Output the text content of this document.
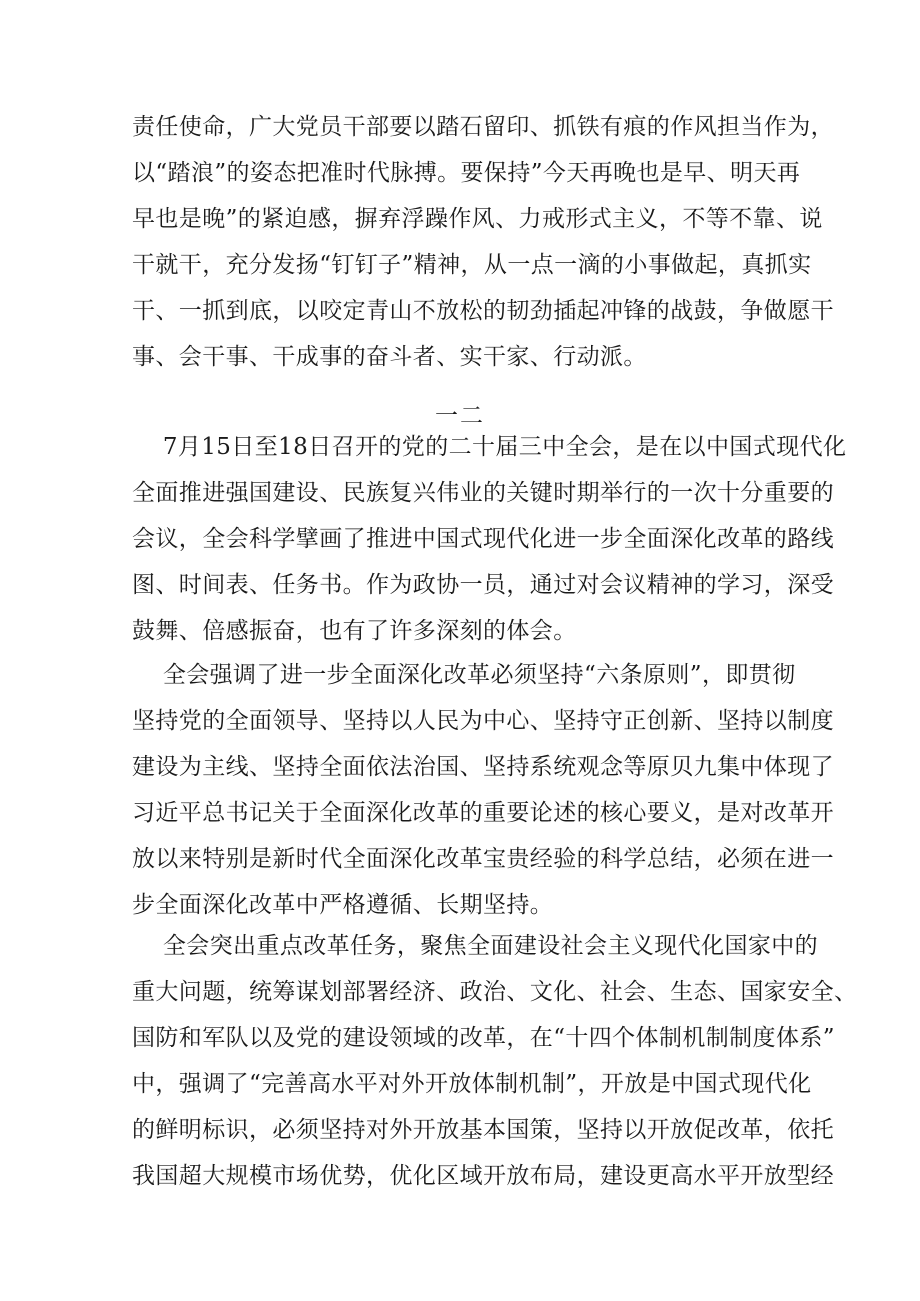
责任使命，广大党员干部要以踏石留印、抓铁有痕的作风担当作为，
以“踏浪”的姿态把准时代脉搏。要保持”今天再晚也是早、明天再
早也是晚”的紧迫感，摒弃浮躁作风、力戒形式主义，不等不靠、说
干就干，充分发扬“钉钉子”精神，从一点一滴的小事做起，真抓实
干、一抓到底，以咬定青山不放松的韧劲插起冲锋的战鼓，争做愿干
事、会干事、干成事的奋斗者、实干家、行动派。
一二
7月15日至18日召开的党的二十届三中全会，是在以中国式现代化
全面推进强国建设、民族复兴伟业的关键时期举行的一次十分重要的
会议，全会科学擘画了推进中国式现代化进一步全面深化改革的路线
图、时间表、任务书。作为政协一员，通过对会议精神的学习，深受
鼓舞、倍感振奋，也有了许多深刻的体会。
全会强调了进一步全面深化改革必须坚持“六条原则”，即贯彻
坚持党的全面领导、坚持以人民为中心、坚持守正创新、坚持以制度
建设为主线、坚持全面依法治国、坚持系统观念等原贝九集中体现了
习近平总书记关于全面深化改革的重要论述的核心要义，是对改革开
放以来特别是新时代全面深化改革宝贵经验的科学总结，必须在进一
步全面深化改革中严格遵循、长期坚持。
全会突出重点改革任务，聚焦全面建设社会主义现代化国家中的
重大问题，统筹谋划部署经济、政治、文化、社会、生态、国家安全、
国防和军队以及党的建设领域的改革，在“十四个体制机制制度体系”
中，强调了“完善高水平对外开放体制机制”，开放是中国式现代化
的鲜明标识，必须坚持对外开放基本国策，坚持以开放促改革，依托
我国超大规模市场优势，优化区域开放布局，建设更高水平开放型经
